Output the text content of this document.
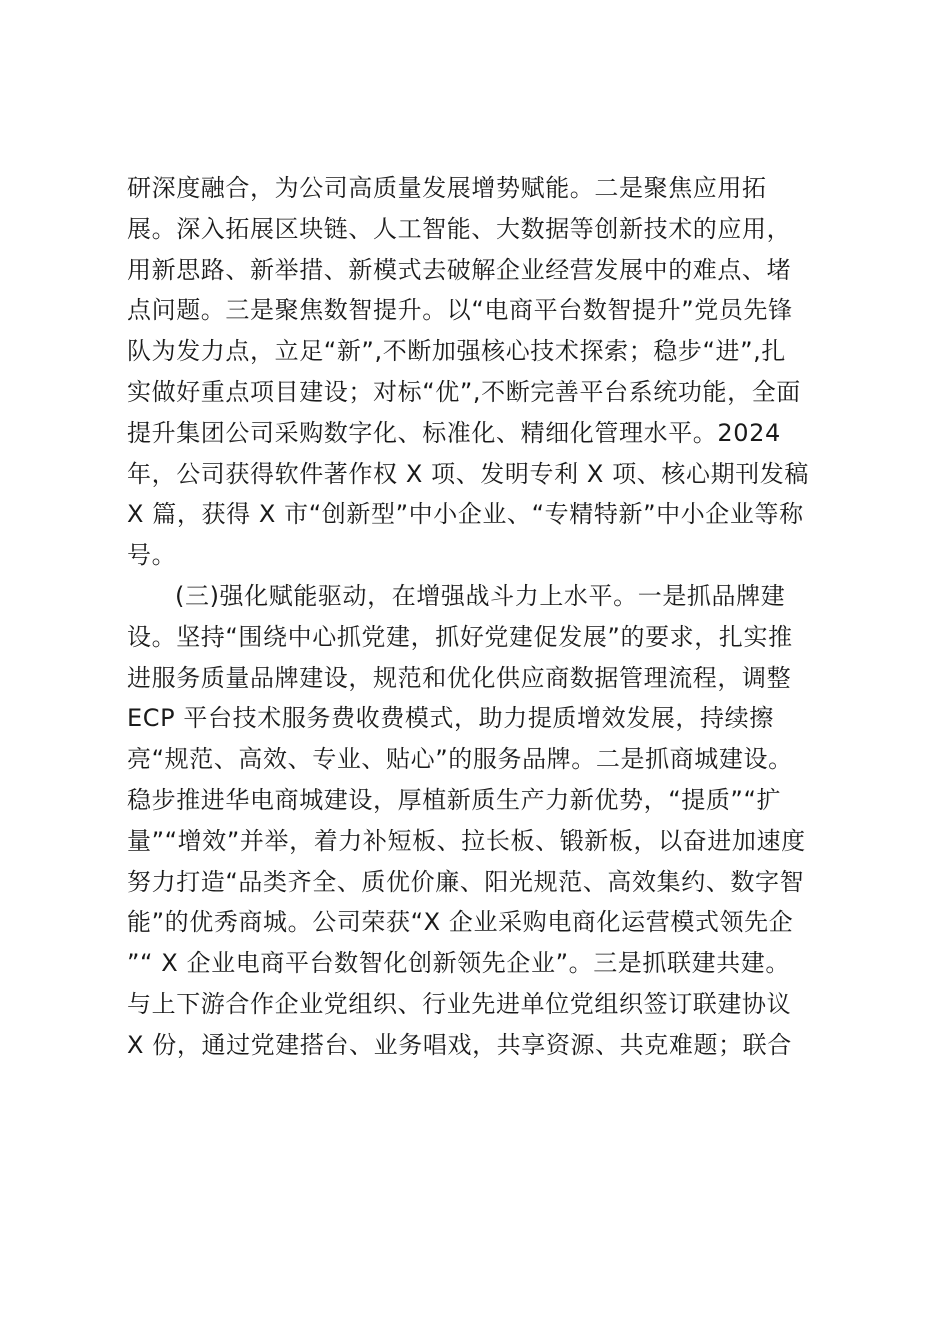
研深度融合，为公司高质量发展增势赋能。二是聚焦应用拓
展。深入拓展区块链、人工智能、大数据等创新技术的应用，
用新思路、新举措、新模式去破解企业经营发展中的难点、堵
点问题。三是聚焦数智提升。以“电商平台数智提升”党员先锋
队为发力点，立足“新”,不断加强核心技术探索；稳步“进”,扎
实做好重点项目建设；对标“优”,不断完善平台系统功能，全面
提升集团公司采购数字化、标准化、精细化管理水平。2024
年，公司获得软件著作权 X 项、发明专利 X 项、核心期刊发稿
X 篇，获得 X 市“创新型”中小企业、“专精特新”中小企业等称
号。
(三)强化赋能驱动，在增强战斗力上水平。一是抓品牌建
设。坚持“围绕中心抓党建，抓好党建促发展”的要求，扎实推
进服务质量品牌建设，规范和优化供应商数据管理流程，调整
ECP 平台技术服务费收费模式，助力提质增效发展，持续擦
亮“规范、高效、专业、贴心”的服务品牌。二是抓商城建设。
稳步推进华电商城建设，厚植新质生产力新优势，“提质”“扩
量”“增效”并举，着力补短板、拉长板、锻新板，以奋进加速度
努力打造“品类齐全、质优价廉、阳光规范、高效集约、数字智
能”的优秀商城。公司荣获“X 企业采购电商化运营模式领先企
”“ X 企业电商平台数智化创新领先企业”。三是抓联建共建。
与上下游合作企业党组织、行业先进单位党组织签订联建协议
X 份，通过党建搭台、业务唱戏，共享资源、共克难题；联合
